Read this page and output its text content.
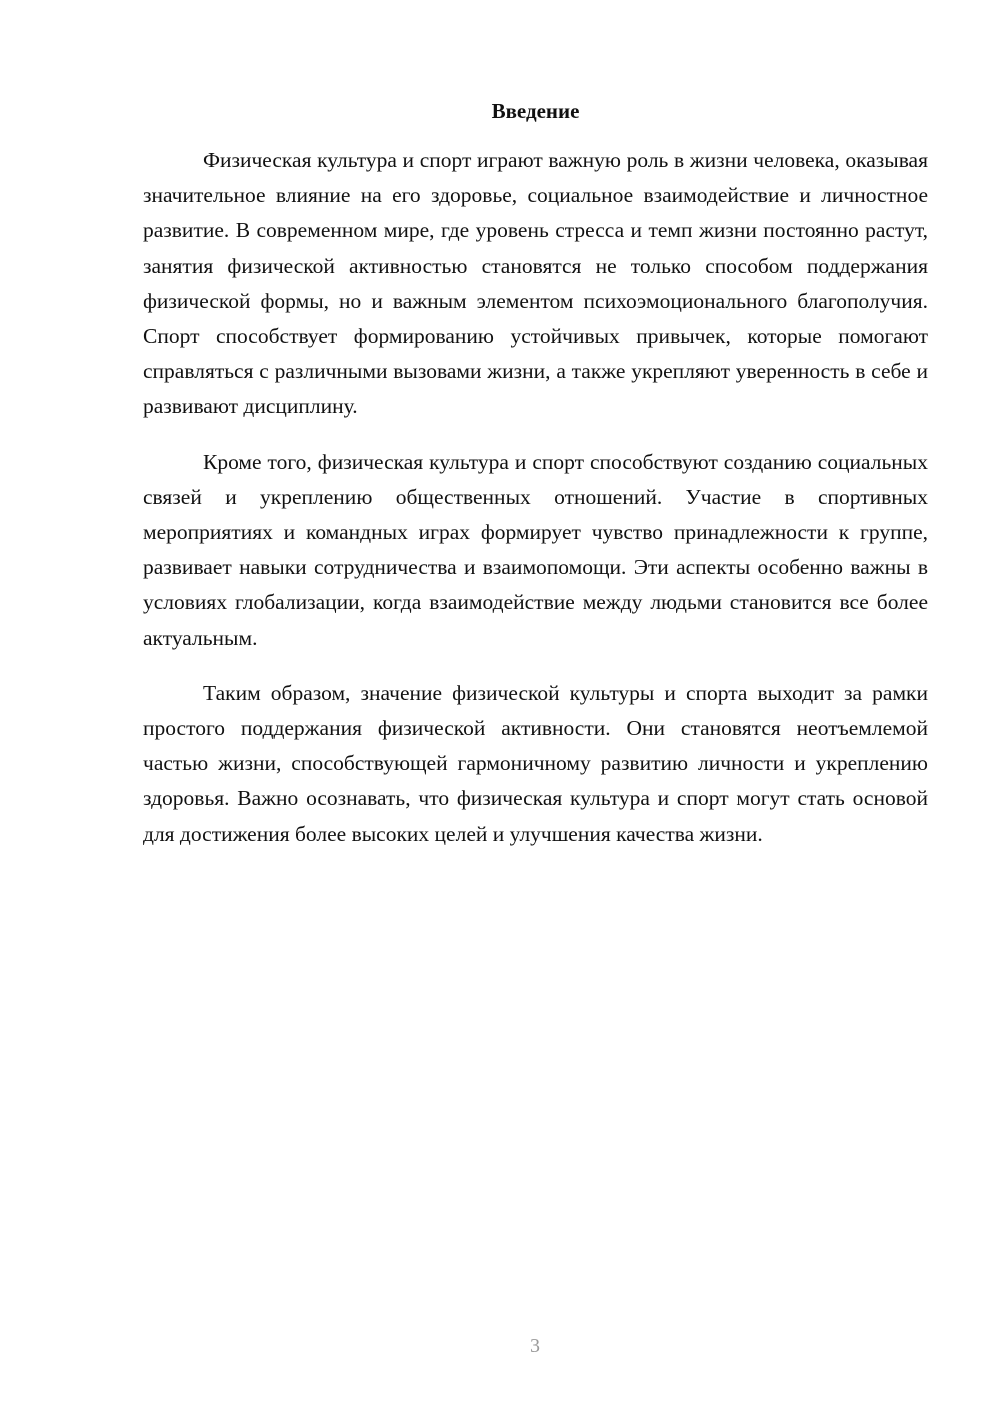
Введение

Физическая культура и спорт играют важную роль в жизни человека, оказывая значительное влияние на его здоровье, социальное взаимодействие и личностное развитие. В современном мире, где уровень стресса и темп жизни постоянно растут, занятия физической активностью становятся не только способом поддержания физической формы, но и важным элементом психоэмоционального благополучия. Спорт способствует формированию устойчивых привычек, которые помогают справляться с различными вызовами жизни, а также укрепляют уверенность в себе и развивают дисциплину.

Кроме того, физическая культура и спорт способствуют созданию социальных связей и укреплению общественных отношений. Участие в спортивных мероприятиях и командных играх формирует чувство принадлежности к группе, развивает навыки сотрудничества и взаимопомощи. Эти аспекты особенно важны в условиях глобализации, когда взаимодействие между людьми становится все более актуальным.

Таким образом, значение физической культуры и спорта выходит за рамки простого поддержания физической активности. Они становятся неотъемлемой частью жизни, способствующей гармоничному развитию личности и укреплению здоровья. Важно осознавать, что физическая культура и спорт могут стать основой для достижения более высоких целей и улучшения качества жизни.

3
